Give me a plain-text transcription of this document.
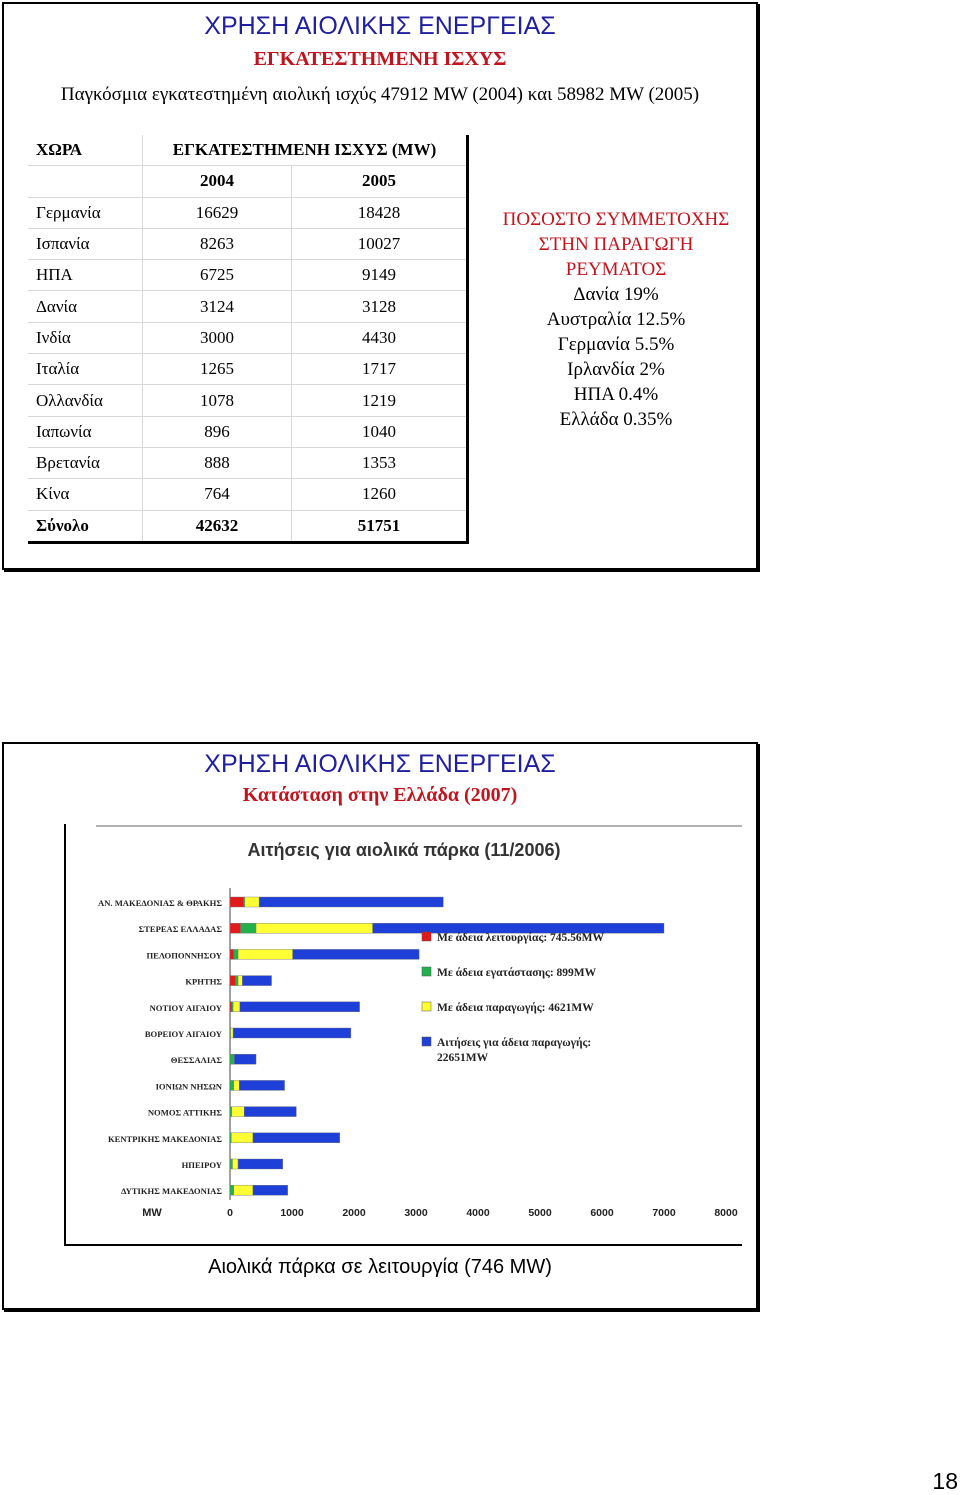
ΧΡΗΣΗ ΑΙΟΛΙΚΗΣ ΕΝΕΡΓΕΙΑΣ
ΕΓΚΑΤΕΣΤΗΜΕΝΗ ΙΣΧΥΣ
Παγκόσμια εγκατεστημένη αιολική ισχύς 47912 MW (2004) και 58982 MW (2005)
ΧΩΡΑ	ΕΓΚΑΤΕΣΤΗΜΕΝΗ ΙΣΧΥΣ (MW)	
	2004	2005
Γερμανία	16629	18428
Ισπανία	8263	10027
ΗΠΑ	6725	9149
Δανία	3124	3128
Ινδία	3000	4430
Ιταλία	1265	1717
Ολλανδία	1078	1219
Ιαπωνία	896	1040
Βρετανία	888	1353
Κίνα	764	1260
Σύνολο	42632	51751
ΠΟΣΟΣΤΟ ΣΥΜΜΕΤΟΧΗΣ
ΣΤΗΝ ΠΑΡΑΓΩΓΗ
ΡΕΥΜΑΤΟΣ
Δανία 19%
Αυστραλία 12.5%
Γερμανία 5.5%
Ιρλανδία 2%
ΗΠΑ 0.4%
Ελλάδα 0.35%
ΧΡΗΣΗ ΑΙΟΛΙΚΗΣ ΕΝΕΡΓΕΙΑΣ
Κατάσταση στην Ελλάδα (2007)
Αιτήσεις για αιολικά πάρκα (11/2006)
ΑΝ. ΜΑΚΕΔΟΝΙΑΣ & ΘΡΑΚΗΣ
ΣΤΕΡΕΑΣ ΕΛΛΑΔΑΣ
ΠΕΛΟΠΟΝΝΗΣΟΥ
ΚΡΗΤΗΣ
ΝΟΤΙΟΥ ΑΙΓΑΙΟΥ
ΒΟΡΕΙΟΥ ΑΙΓΑΙΟΥ
ΘΕΣΣΑΛΙΑΣ
ΙΟΝΙΩΝ ΝΗΣΩΝ
ΝΟΜΟΣ ΑΤΤΙΚΗΣ
ΚΕΝΤΡΙΚΗΣ ΜΑΚΕΔΟΝΙΑΣ
ΗΠΕΙΡΟΥ
ΔΥΤΙΚΗΣ ΜΑΚΕΔΟΝΙΑΣ
MW	0	1000	2000	3000	4000	5000	6000	7000	8000
Με άδεια λειτουργίας: 745.56MW
Με άδεια εγατάστασης: 899MW
Με άδεια παραγωγής: 4621MW
Αιτήσεις για άδεια παραγωγής:
22651MW
Αιολικά πάρκα σε λειτουργία (746 MW)
18
